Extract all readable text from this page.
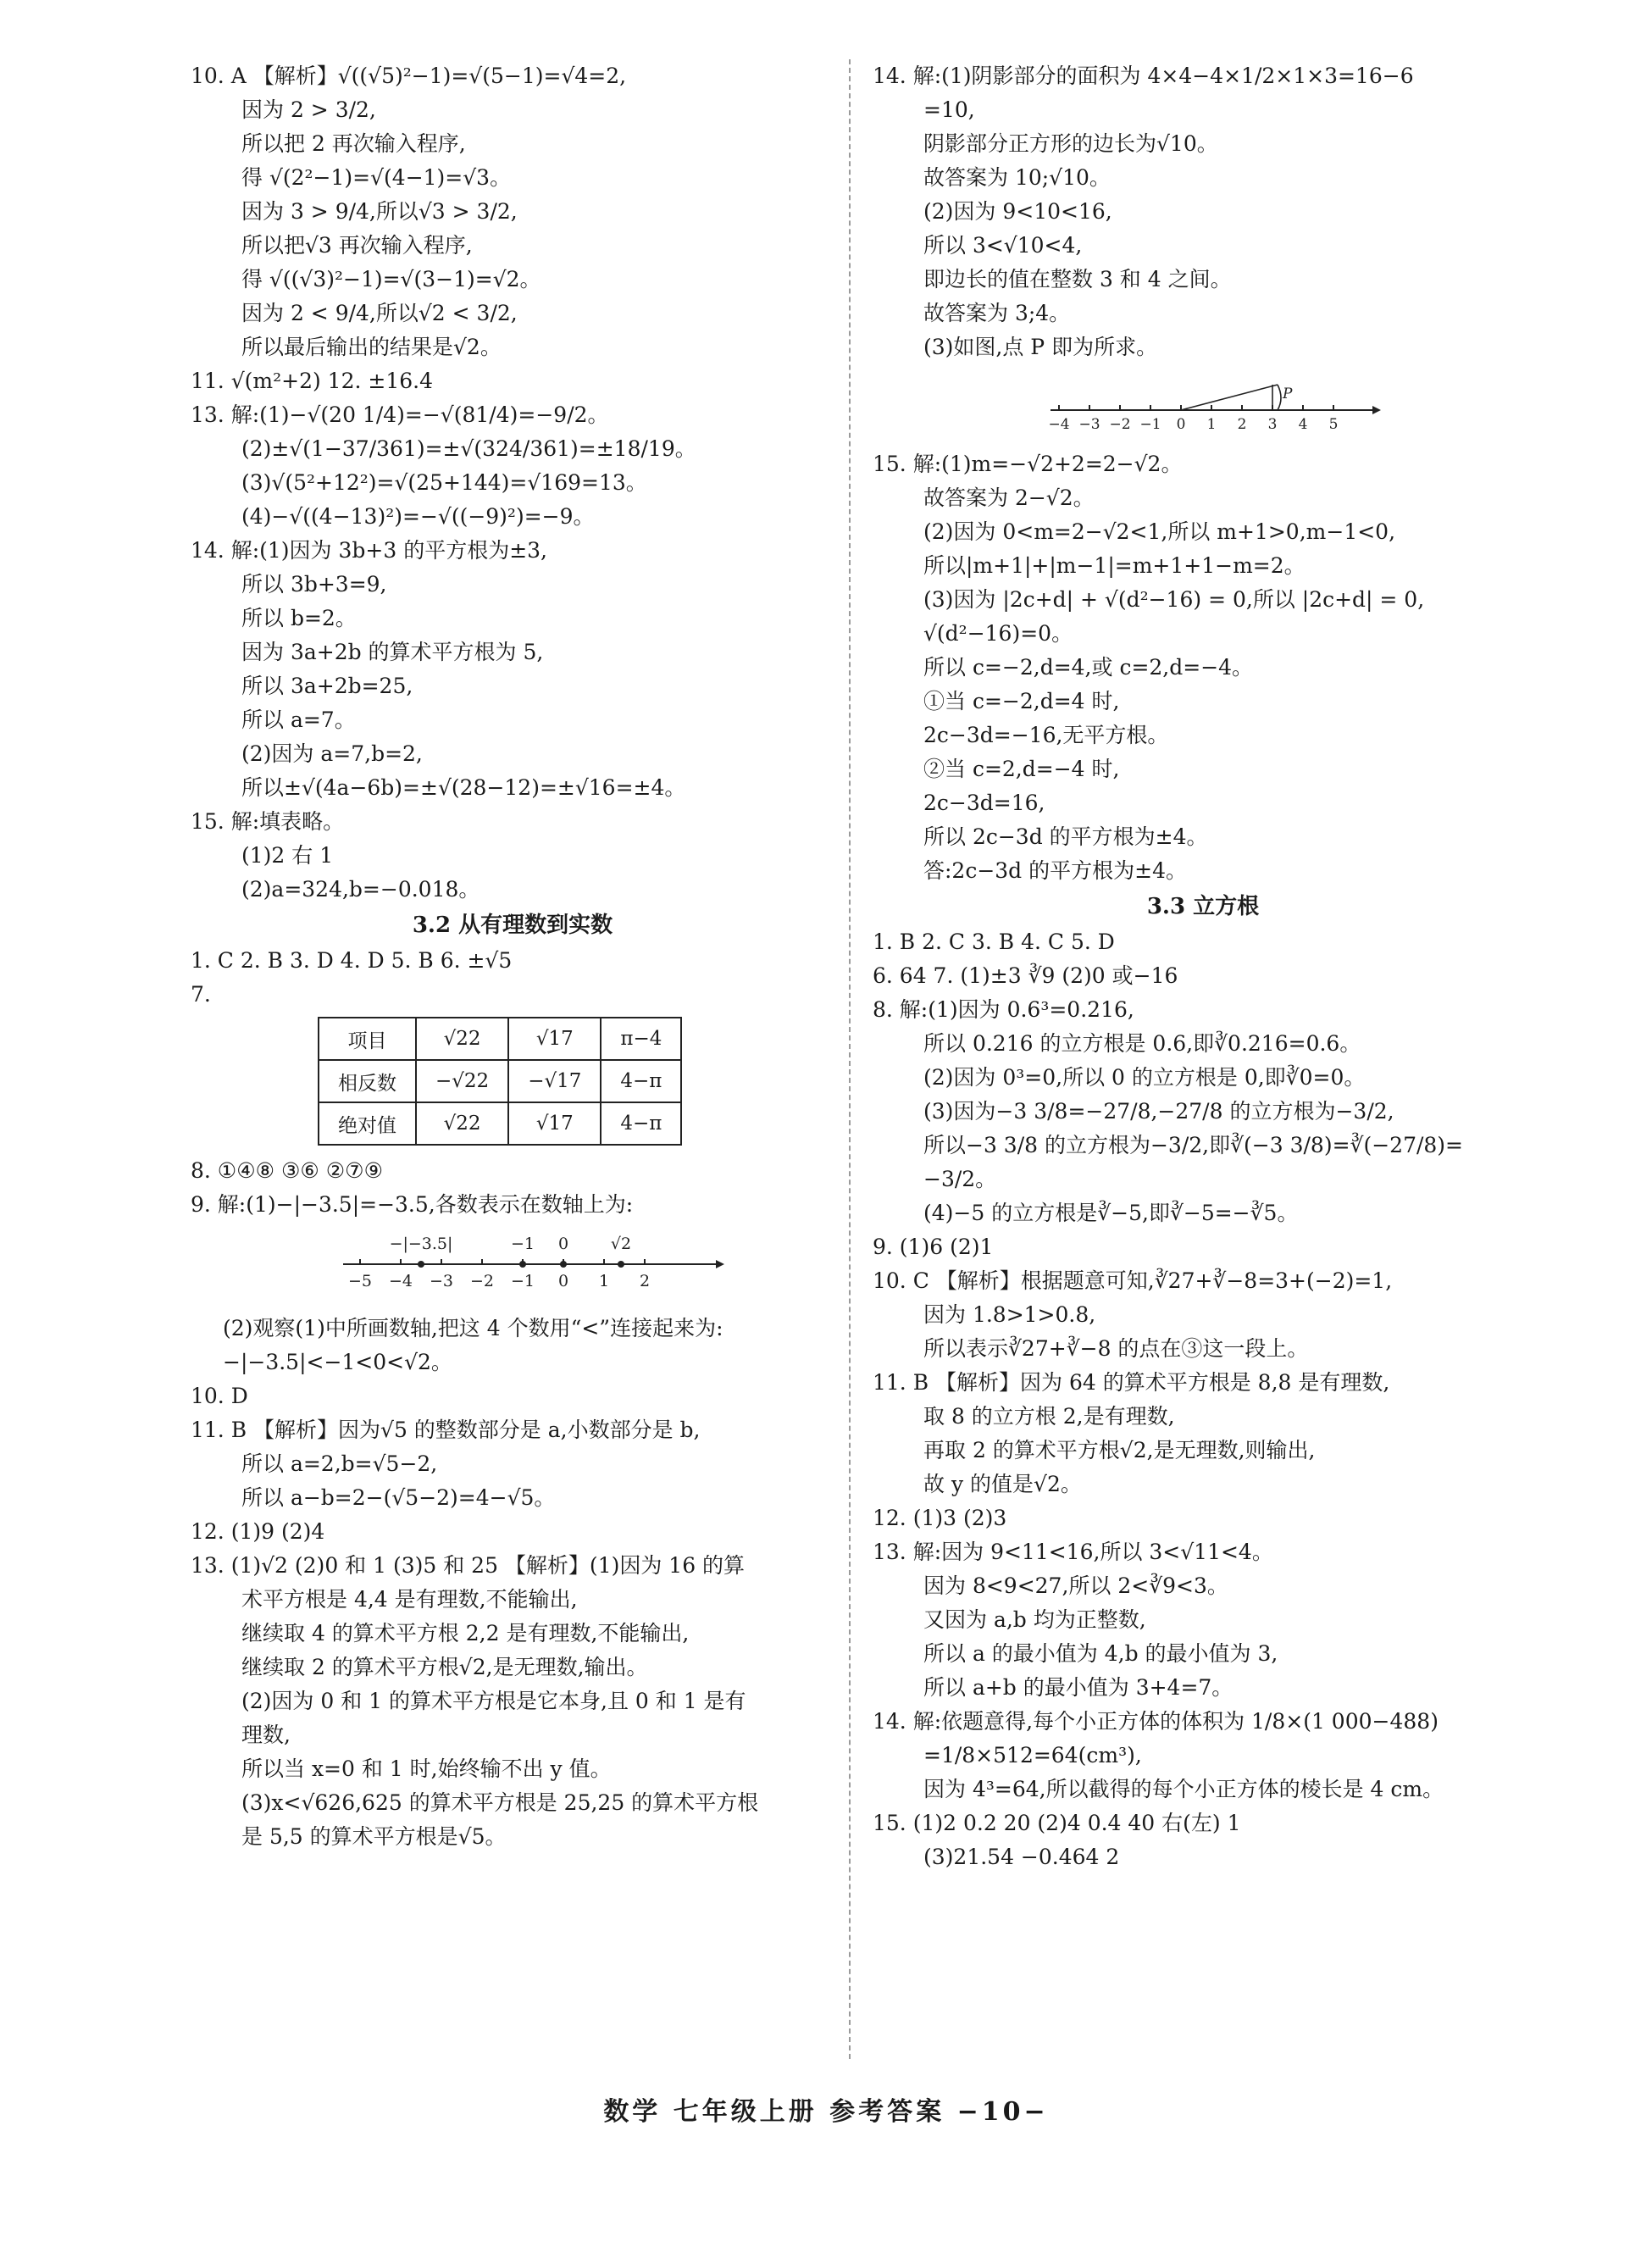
10. A 【解析】√((√5)²−1)=√(5−1)=√4=2,
因为 2 > 3/2,
所以把 2 再次输入程序,
得 √(2²−1)=√(4−1)=√3。
因为 3 > 9/4,所以√3 > 3/2,
所以把√3 再次输入程序,
得 √((√3)²−1)=√(3−1)=√2。
因为 2 < 9/4,所以√2 < 3/2,
所以最后输出的结果是√2。
11. √(m²+2) 12. ±16.4
13. 解:(1)−√(20 1/4)=−√(81/4)=−9/2。
(2)±√(1−37/361)=±√(324/361)=±18/19。
(3)√(5²+12²)=√(25+144)=√169=13。
(4)−√((4−13)²)=−√((−9)²)=−9。
14. 解:(1)因为 3b+3 的平方根为±3,
所以 3b+3=9,
所以 b=2。
因为 3a+2b 的算术平方根为 5,
所以 3a+2b=25,
所以 a=7。
(2)因为 a=7,b=2,
所以±√(4a−6b)=±√(28−12)=±√16=±4。
15. 解:填表略。
(1)2 右 1
(2)a=324,b=−0.018。
3.2 从有理数到实数
1. C 2. B 3. D 4. D 5. B 6. ±√5
7.
项目	√22	√17	π−4
相反数	−√22	−√17	4−π
绝对值	√22	√17	4−π
8. ①④⑧ ③⑥ ②⑦⑨
9. 解:(1)−|−3.5|=−3.5,各数表示在数轴上为:
−5 −4 −3 −2 −1 0 1 2
−|−3.5|	−1 0	√2
(2)观察(1)中所画数轴,把这 4 个数用“<”连接起来为:
−|−3.5|<−1<0<√2。
10. D
11. B 【解析】因为√5 的整数部分是 a,小数部分是 b,
所以 a=2,b=√5−2,
所以 a−b=2−(√5−2)=4−√5。
12. (1)9 (2)4
13. (1)√2 (2)0 和 1 (3)5 和 25 【解析】(1)因为 16 的算
术平方根是 4,4 是有理数,不能输出,
继续取 4 的算术平方根 2,2 是有理数,不能输出,
继续取 2 的算术平方根√2,是无理数,输出。
(2)因为 0 和 1 的算术平方根是它本身,且 0 和 1 是有
理数,
所以当 x=0 和 1 时,始终输不出 y 值。
(3)x<√626,625 的算术平方根是 25,25 的算术平方根
是 5,5 的算术平方根是√5。
14. 解:(1)阴影部分的面积为 4×4−4×1/2×1×3=16−6
=10,
阴影部分正方形的边长为√10。
故答案为 10;√10。
(2)因为 9<10<16,
所以 3<√10<4,
即边长的值在整数 3 和 4 之间。
故答案为 3;4。
(3)如图,点 P 即为所求。
P
−4 −3 −2 −1 0 1 2 3 4 5
15. 解:(1)m=−√2+2=2−√2。
故答案为 2−√2。
(2)因为 0<m=2−√2<1,所以 m+1>0,m−1<0,
所以|m+1|+|m−1|=m+1+1−m=2。
(3)因为 |2c+d| + √(d²−16) = 0,所以 |2c+d| = 0,
√(d²−16)=0。
所以 c=−2,d=4,或 c=2,d=−4。
①当 c=−2,d=4 时,
2c−3d=−16,无平方根。
②当 c=2,d=−4 时,
2c−3d=16,
所以 2c−3d 的平方根为±4。
答:2c−3d 的平方根为±4。
3.3 立方根
1. B 2. C 3. B 4. C 5. D
6. 64 7. (1)±3 ∛9 (2)0 或−16
8. 解:(1)因为 0.6³=0.216,
所以 0.216 的立方根是 0.6,即∛0.216=0.6。
(2)因为 0³=0,所以 0 的立方根是 0,即∛0=0。
(3)因为−3 3/8=−27/8,−27/8 的立方根为−3/2,
所以−3 3/8 的立方根为−3/2,即∛(−3 3/8)=∛(−27/8)=
−3/2。
(4)−5 的立方根是∛−5,即∛−5=−∛5。
9. (1)6 (2)1
10. C 【解析】根据题意可知,∛27+∛−8=3+(−2)=1,
因为 1.8>1>0.8,
所以表示∛27+∛−8 的点在③这一段上。
11. B 【解析】因为 64 的算术平方根是 8,8 是有理数,
取 8 的立方根 2,是有理数,
再取 2 的算术平方根√2,是无理数,则输出,
故 y 的值是√2。
12. (1)3 (2)3
13. 解:因为 9<11<16,所以 3<√11<4。
因为 8<9<27,所以 2<∛9<3。
又因为 a,b 均为正整数,
所以 a 的最小值为 4,b 的最小值为 3,
所以 a+b 的最小值为 3+4=7。
14. 解:依题意得,每个小正方体的体积为 1/8×(1 000−488)
=1/8×512=64(cm³),
因为 4³=64,所以截得的每个小正方体的棱长是 4 cm。
15. (1)2 0.2 20 (2)4 0.4 40 右(左) 1
(3)21.54 −0.464 2
数学 七年级上册 参考答案 −10−
